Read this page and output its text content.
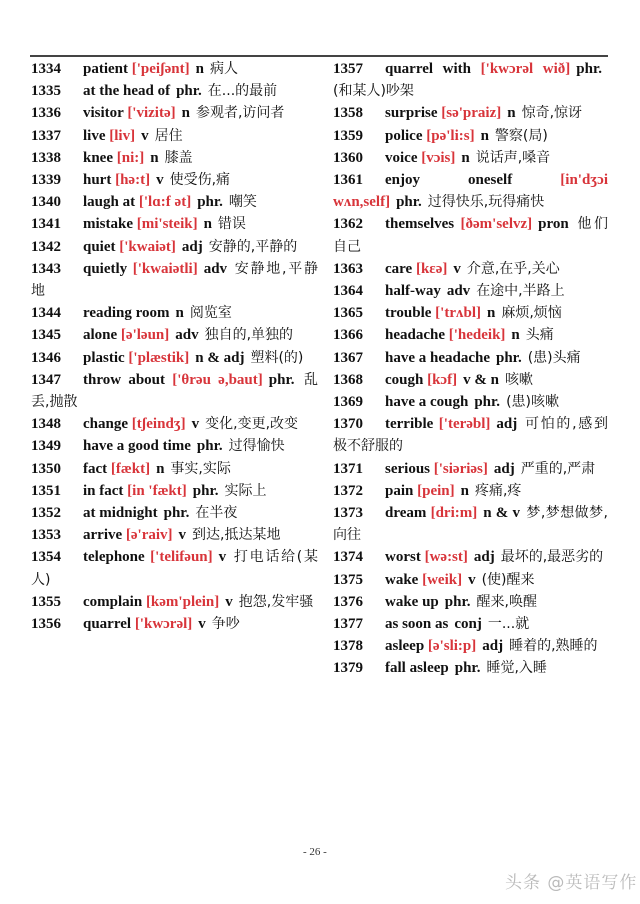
1334 patient ['peiʃənt] n 病人
1335 at the head of phr. 在...的最前
1336 visitor ['vizitə] n 参观者,访问者
1337 live [liv] v 居住
1338 knee [ni:] n 膝盖
1339 hurt [hə:t] v 使受伤,痛
1340 laugh at ['lɑ:f ət] phr. 嘲笑
1341 mistake [mi'steik] n 错误
1342 quiet ['kwaiət] adj 安静的,平静的
1343 quietly ['kwaiətli] adv 安静地,平静地
1344 reading room n 阅览室
1345 alone [ə'ləun] adv 独自的,单独的
1346 plastic ['plæstik] n & adj 塑料(的)
1347 throw about ['θrəu ə,baut] phr. 乱丢,抛散
1348 change [tʃeindʒ] v 变化,变更,改变
1349 have a good time phr. 过得愉快
1350 fact [fækt] n 事实,实际
1351 in fact [in 'fækt] phr. 实际上
1352 at midnight phr. 在半夜
1353 arrive [ə'raiv] v 到达,抵达某地
1354 telephone ['telifəun] v 打电话给(某人)
1355 complain [kəm'plein] v 抱怨,发牢骚
1356 quarrel ['kwɔrəl] v 争吵
1357 quarrel with ['kwɔrəl wið] phr.(和某人)吵架
1358 surprise [sə'praiz] n 惊奇,惊讶
1359 police [pə'li:s] n 警察(局)
1360 voice [vɔis] n 说话声,嗓音
1361 enjoy oneself	[in'dʒɔi wʌn,self] phr. 过得快乐,玩得痛快
1362 themselves [ðəm'selvz] pron 他们自己
1363 care [kεə] v 介意,在乎,关心
1364 half-way adv 在途中,半路上
1365 trouble ['trʌbl] n 麻烦,烦恼
1366 headache ['hedeik] n 头痛
1367 have a headache phr. (患)头痛
1368 cough [kɔf] v & n 咳嗽
1369 have a cough phr. (患)咳嗽
1370 terrible ['terəbl] adj 可怕的,感到极不舒服的
1371 serious ['siəriəs] adj 严重的,严肃
1372 pain [pein] n 疼痛,疼
1373 dream [dri:m] n & v 梦,梦想做梦,向往
1374 worst [wə:st] adj 最坏的,最恶劣的
1375 wake [weik] v (使)醒来
1376 wake up phr. 醒来,唤醒
1377 as soon as conj 一...就
1378 asleep [ə'sli:p] adj 睡着的,熟睡的
1379 fall asleep phr. 睡觉,入睡
- 26 -
头条 @英语写作
